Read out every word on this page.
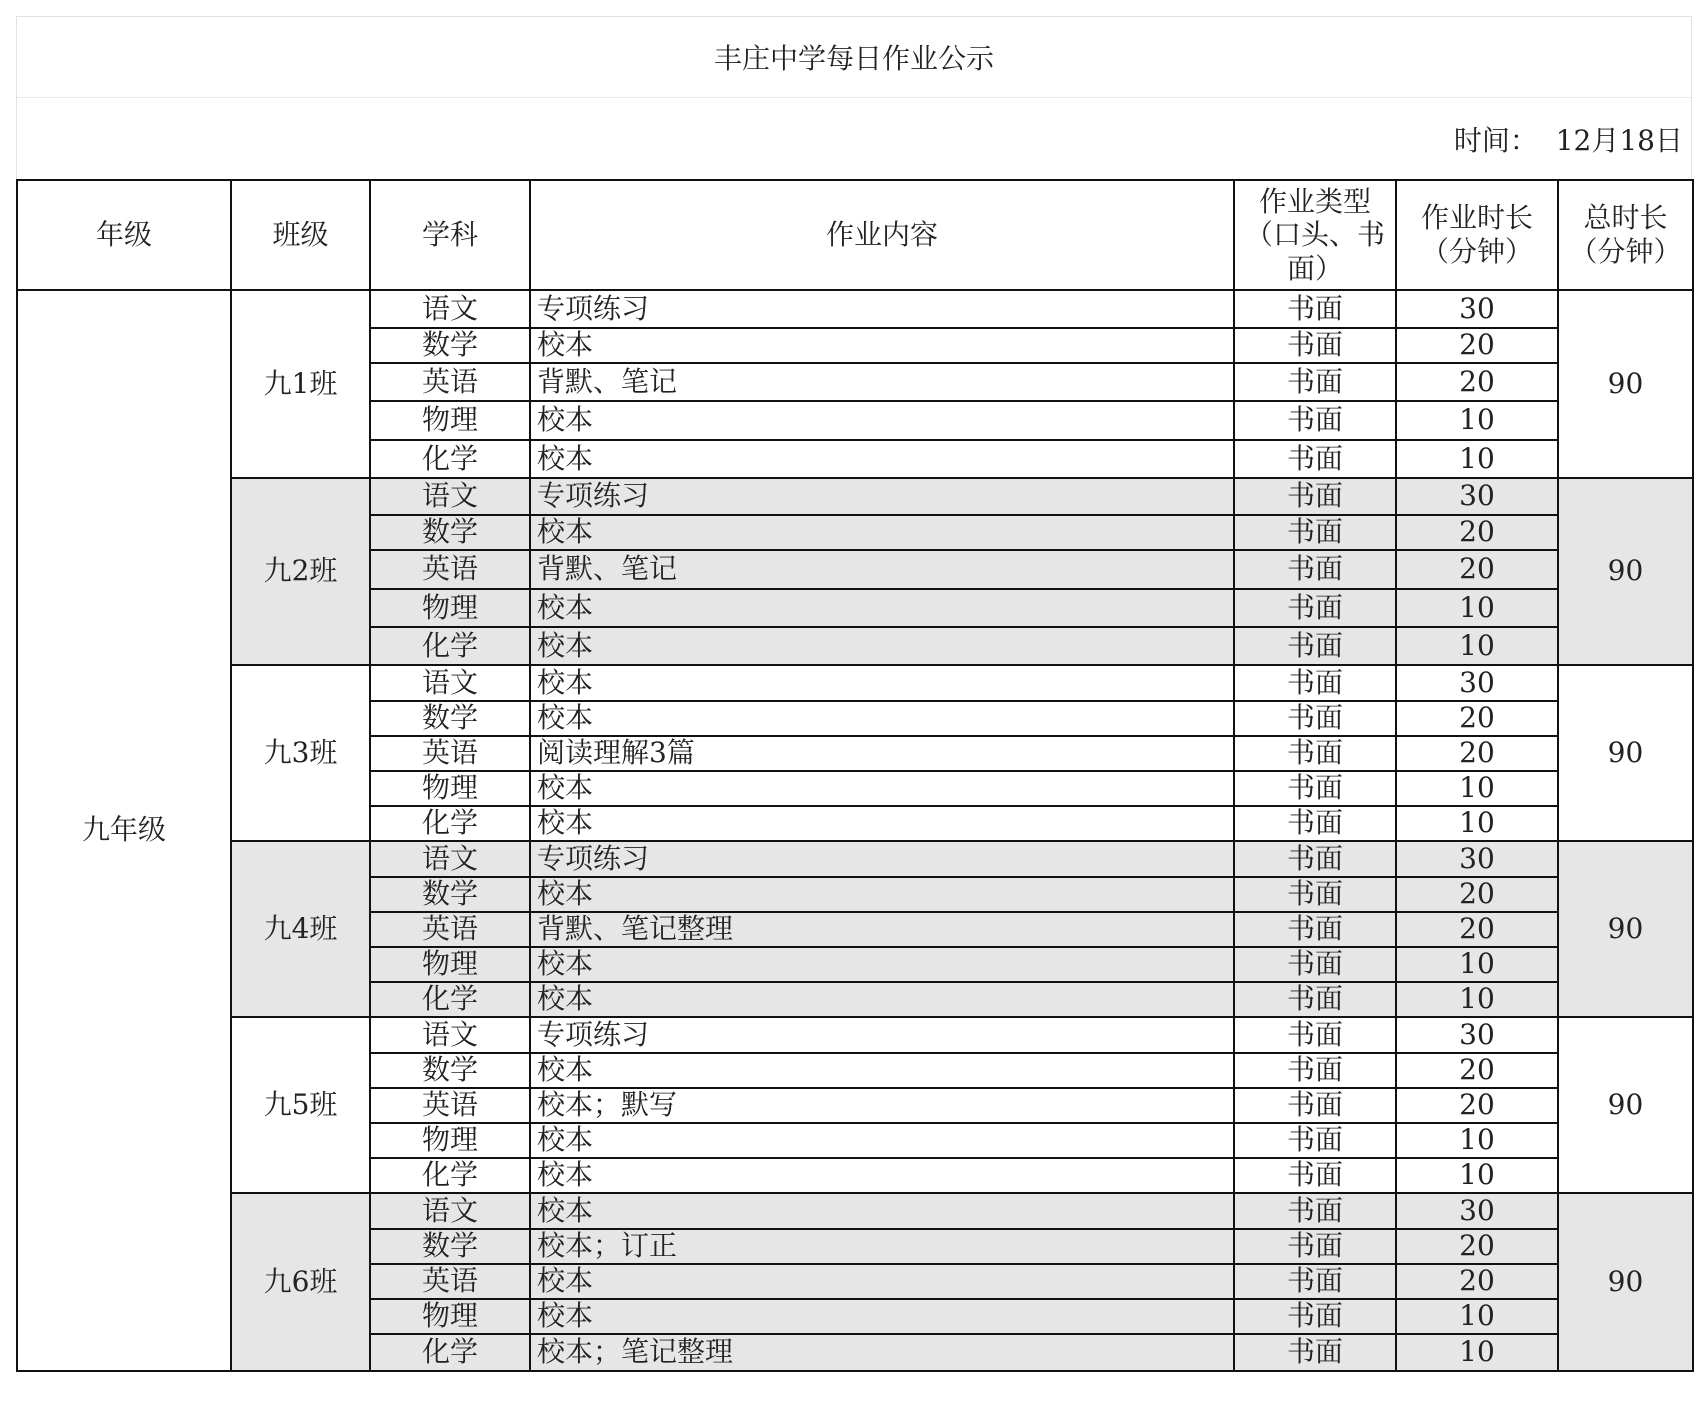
丰庄中学每日作业公示
时间：
12月18日
年级	班级	学科	作业内容	作业类型（口头、书面）	作业时长（分钟）	总时长（分钟）

九年级	九1班	语文	专项练习	书面	30	90
		数学	校本	书面	20	
		英语	背默、笔记	书面	20	
		物理	校本	书面	10	
		化学	校本	书面	10	
	九2班	语文	专项练习	书面	30	90
		数学	校本	书面	20	
		英语	背默、笔记	书面	20	
		物理	校本	书面	10	
		化学	校本	书面	10	
	九3班	语文	校本	书面	30	90
		数学	校本	书面	20	
		英语	阅读理解3篇	书面	20	
		物理	校本	书面	10	
		化学	校本	书面	10	
	九4班	语文	专项练习	书面	30	90
		数学	校本	书面	20	
		英语	背默、笔记整理	书面	20	
		物理	校本	书面	10	
		化学	校本	书面	10	
	九5班	语文	专项练习	书面	30	90
		数学	校本	书面	20	
		英语	校本；默写	书面	20	
		物理	校本	书面	10	
		化学	校本	书面	10	
	九6班	语文	校本	书面	30	90
		数学	校本；订正	书面	20	
		英语	校本	书面	20	
		物理	校本	书面	10	
		化学	校本；笔记整理	书面	10	
